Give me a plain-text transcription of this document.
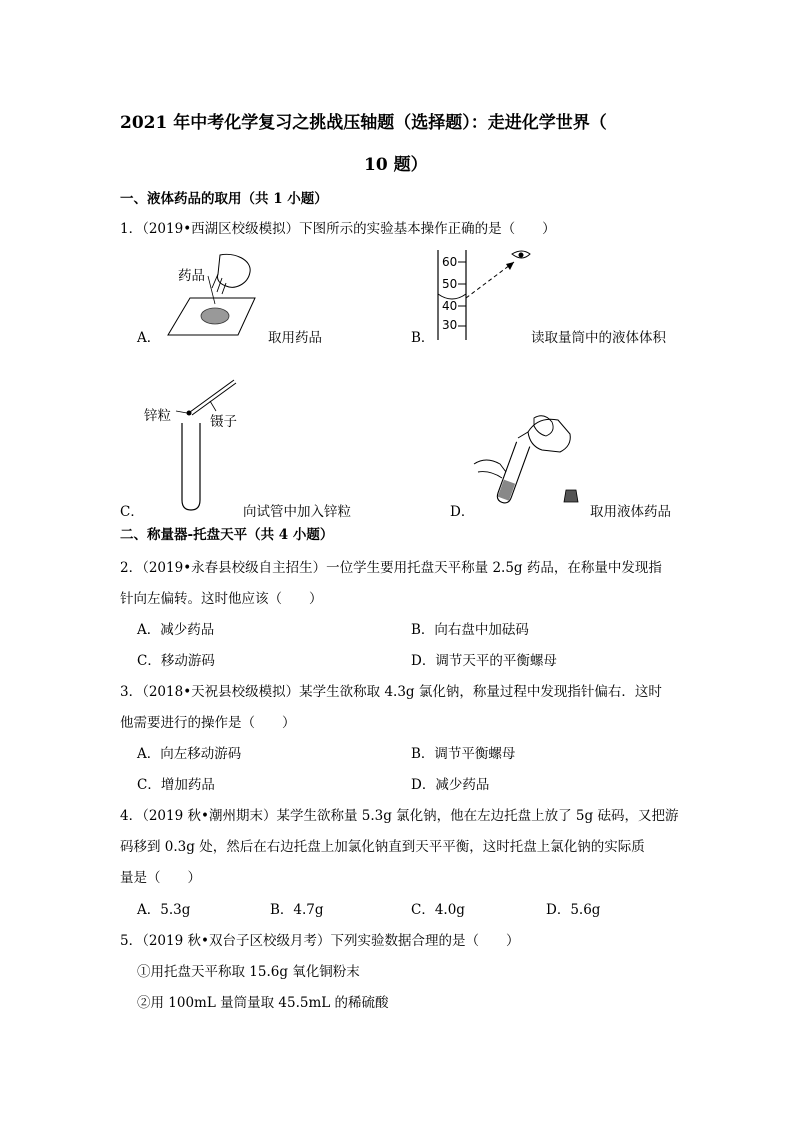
2021 年中考化学复习之挑战压轴题（选择题）：走进化学世界（
10 题）
一、液体药品的取用（共 1 小题）
1．（2019•西湖区校级模拟）下图所示的实验基本操作正确的是（　　）
药品
A．	取用药品
60
50
40
30
B．	读取量筒中的液体体积
锌粒	镊子
C．	向试管中加入锌粒	D．	取用液体药品
二、称量器-托盘天平（共 4 小题）
2．（2019•永春县校级自主招生）一位学生要用托盘天平称量 2.5g 药品，在称量中发现指
针向左偏转。这时他应该（　　）
A．减少药品	B．向右盘中加砝码
C．移动游码	D．调节天平的平衡螺母
3．（2018•天祝县校级模拟）某学生欲称取 4.3g 氯化钠，称量过程中发现指针偏右．这时
他需要进行的操作是（　　）
A．向左移动游码	B．调节平衡螺母
C．增加药品	D．减少药品
4．（2019 秋•潮州期末）某学生欲称量 5.3g 氯化钠，他在左边托盘上放了 5g 砝码，又把游
码移到 0.3g 处，然后在右边托盘上加氯化钠直到天平平衡，这时托盘上氯化钠的实际质
量是（　　）
A．5.3g	B．4.7g	C．4.0g	D．5.6g
5．（2019 秋•双台子区校级月考）下列实验数据合理的是（　　）
①用托盘天平称取 15.6g 氧化铜粉末
②用 100mL 量筒量取 45.5mL 的稀硫酸
